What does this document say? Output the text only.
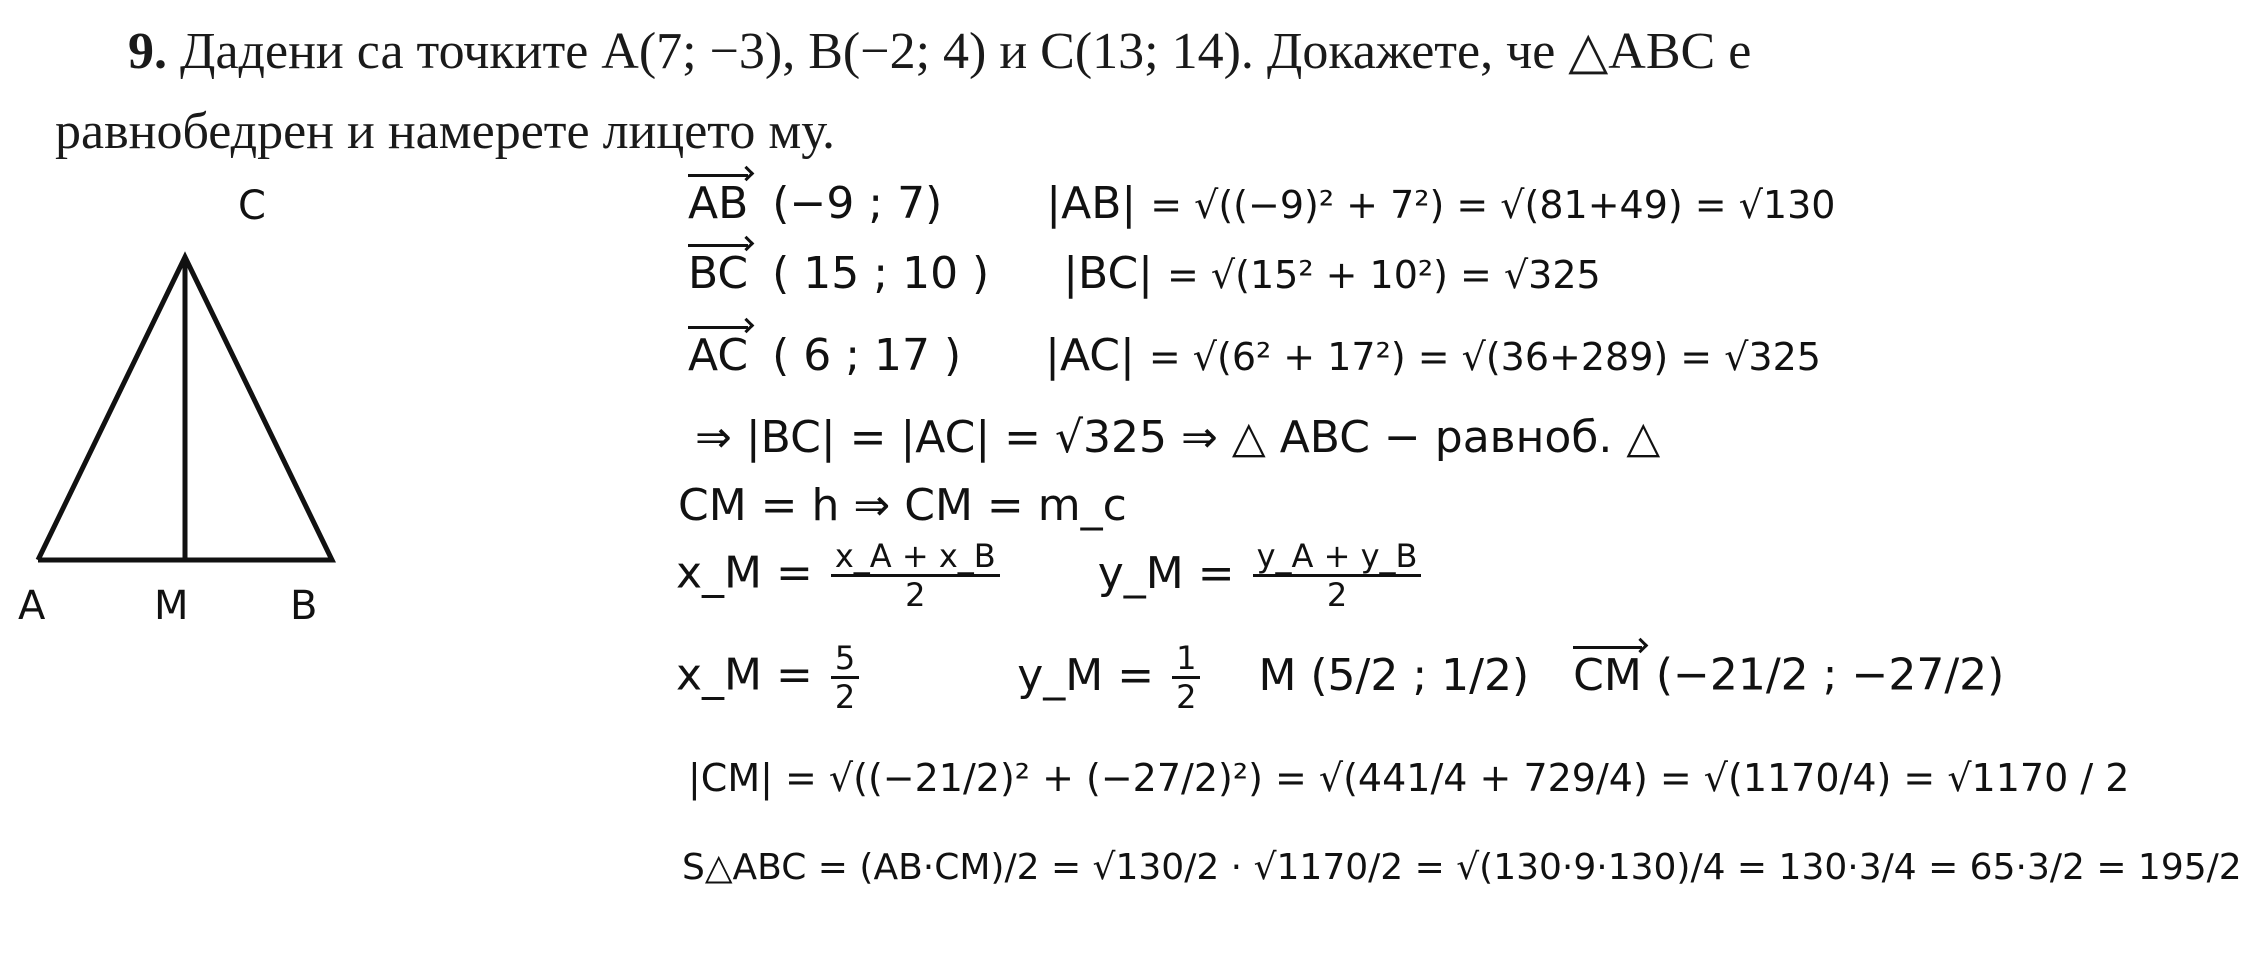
9. Дадени са точките A(7; −3), B(−2; 4) и C(13; 14). Докажете, че △ABC е
равнобедрен и намерете лицето му.
C
A	M	B
AB (−9 ; 7) |AB| = √((−9)² + 7²) = √(81+49) = √130
BC ( 15 ; 10 ) |BC| = √(15² + 10²) = √325
AC ( 6 ; 17 ) |AC| = √(6² + 17²) = √(36+289) = √325
⇒ |BC| = |AC| = √325 ⇒ △ ABC − равноб. △
CM = h ⇒ CM = m_c
x_M = $\frac{x\_A + x\_B}{2}$ y_M = $\frac{y\_A + y\_B}{2}$
x_M = $\frac{5}{2}$	y_M = $\frac{1}{2}$ M (5/2 ; 1/2) CM (−21/2 ; −27/2)
|CM| = √((−21/2)² + (−27/2)²) = √(441/4 + 729/4) = √(1170/4) = √1170 / 2
S△ABC = (AB·CM)/2 = √130/2 · √1170/2 = √(130·9·130)/4 = 130·3/4 = 65·3/2 = 195/2
